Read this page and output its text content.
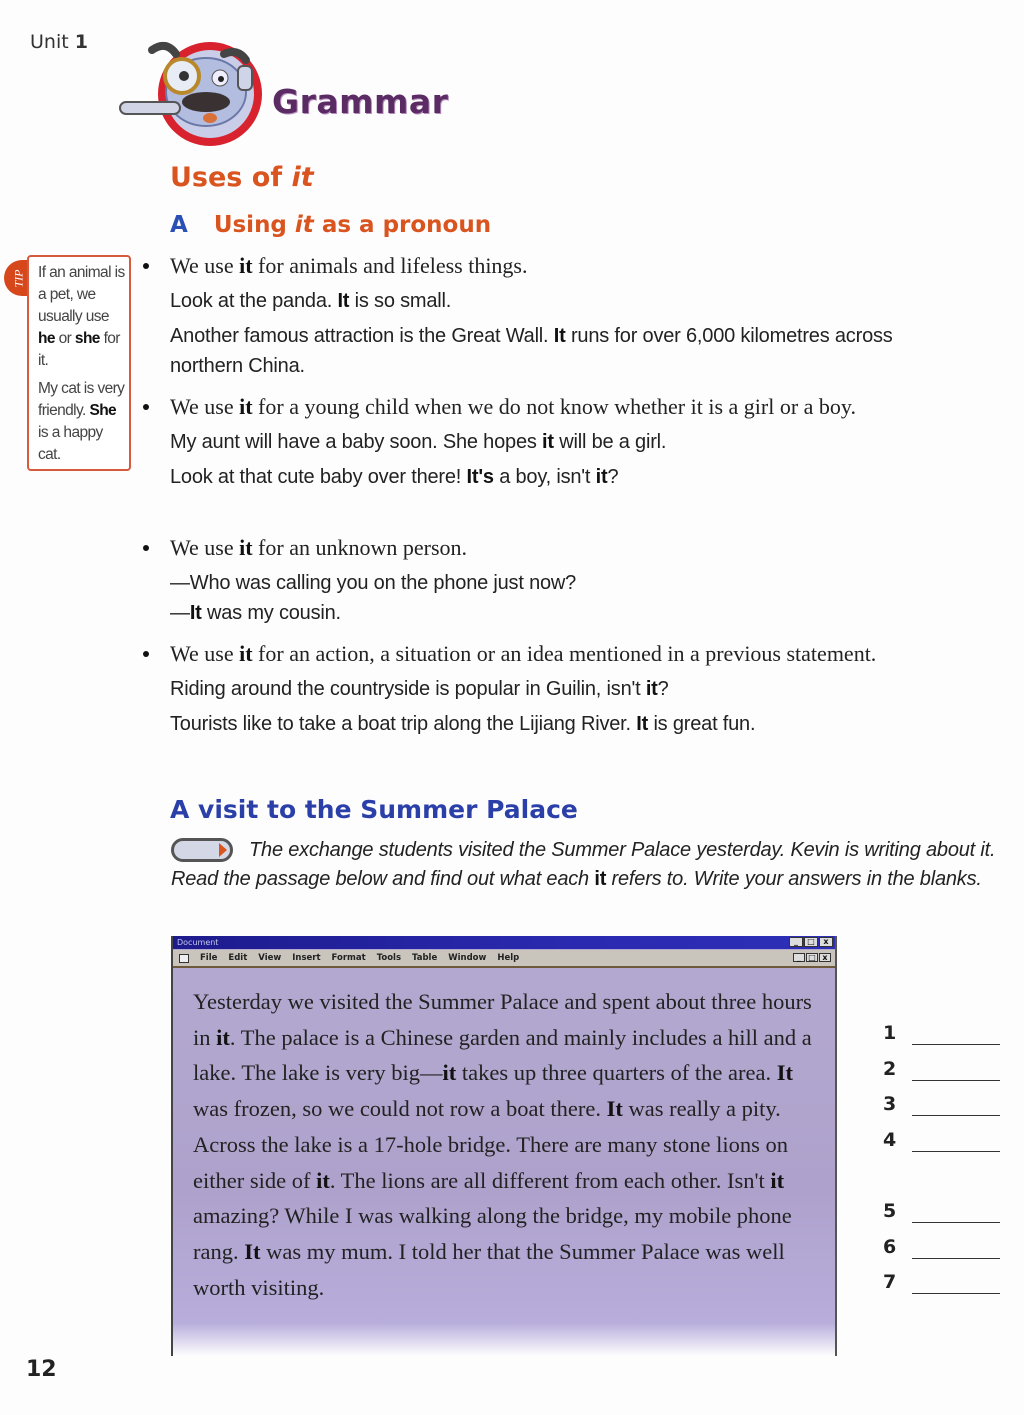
Unit 1
Grammar
Uses of it
A Using it as a pronoun
TIP If an animal is a pet, we usually use he or she for it.

My cat is very friendly. She is a happy cat.

We use it for animals and lifeless things.
Look at the panda. It is so small.
Another famous attraction is the Great Wall. It runs for over 6,000 kilometres across northern China.
We use it for a young child when we do not know whether it is a girl or a boy.
My aunt will have a baby soon. She hopes it will be a girl.
Look at that cute baby over there! It's a boy, isn't it?
We use it for an unknown person.
—Who was calling you on the phone just now?
—It was my cousin.
We use it for an action, a situation or an idea mentioned in a previous statement.
Riding around the countryside is popular in Guilin, isn't it?
Tourists like to take a boat trip along the Lijiang River. It is great fun.
A visit to the Summer Palace
The exchange students visited the Summer Palace yesterday. Kevin is writing about it. Read the passage below and find out what each it refers to. Write your answers in the blanks.
Document	_	□	x
File Edit View Insert Format Tools Table Window Help	_ □ x
Yesterday we visited the Summer Palace and spent about three hours in it. The palace is a Chinese garden and mainly includes a hill and a lake. The lake is very big—it takes up three quarters of the area. It was frozen, so we could not row a boat there. It was really a pity. Across the lake is a 17-hole bridge. There are many stone lions on either side of it. The lions are all different from each other. Isn't it amazing? While I was walking along the bridge, my mobile phone rang. It was my mum. I told her that the Summer Palace was well worth visiting.
1
2
3
4
5
6
7
12
